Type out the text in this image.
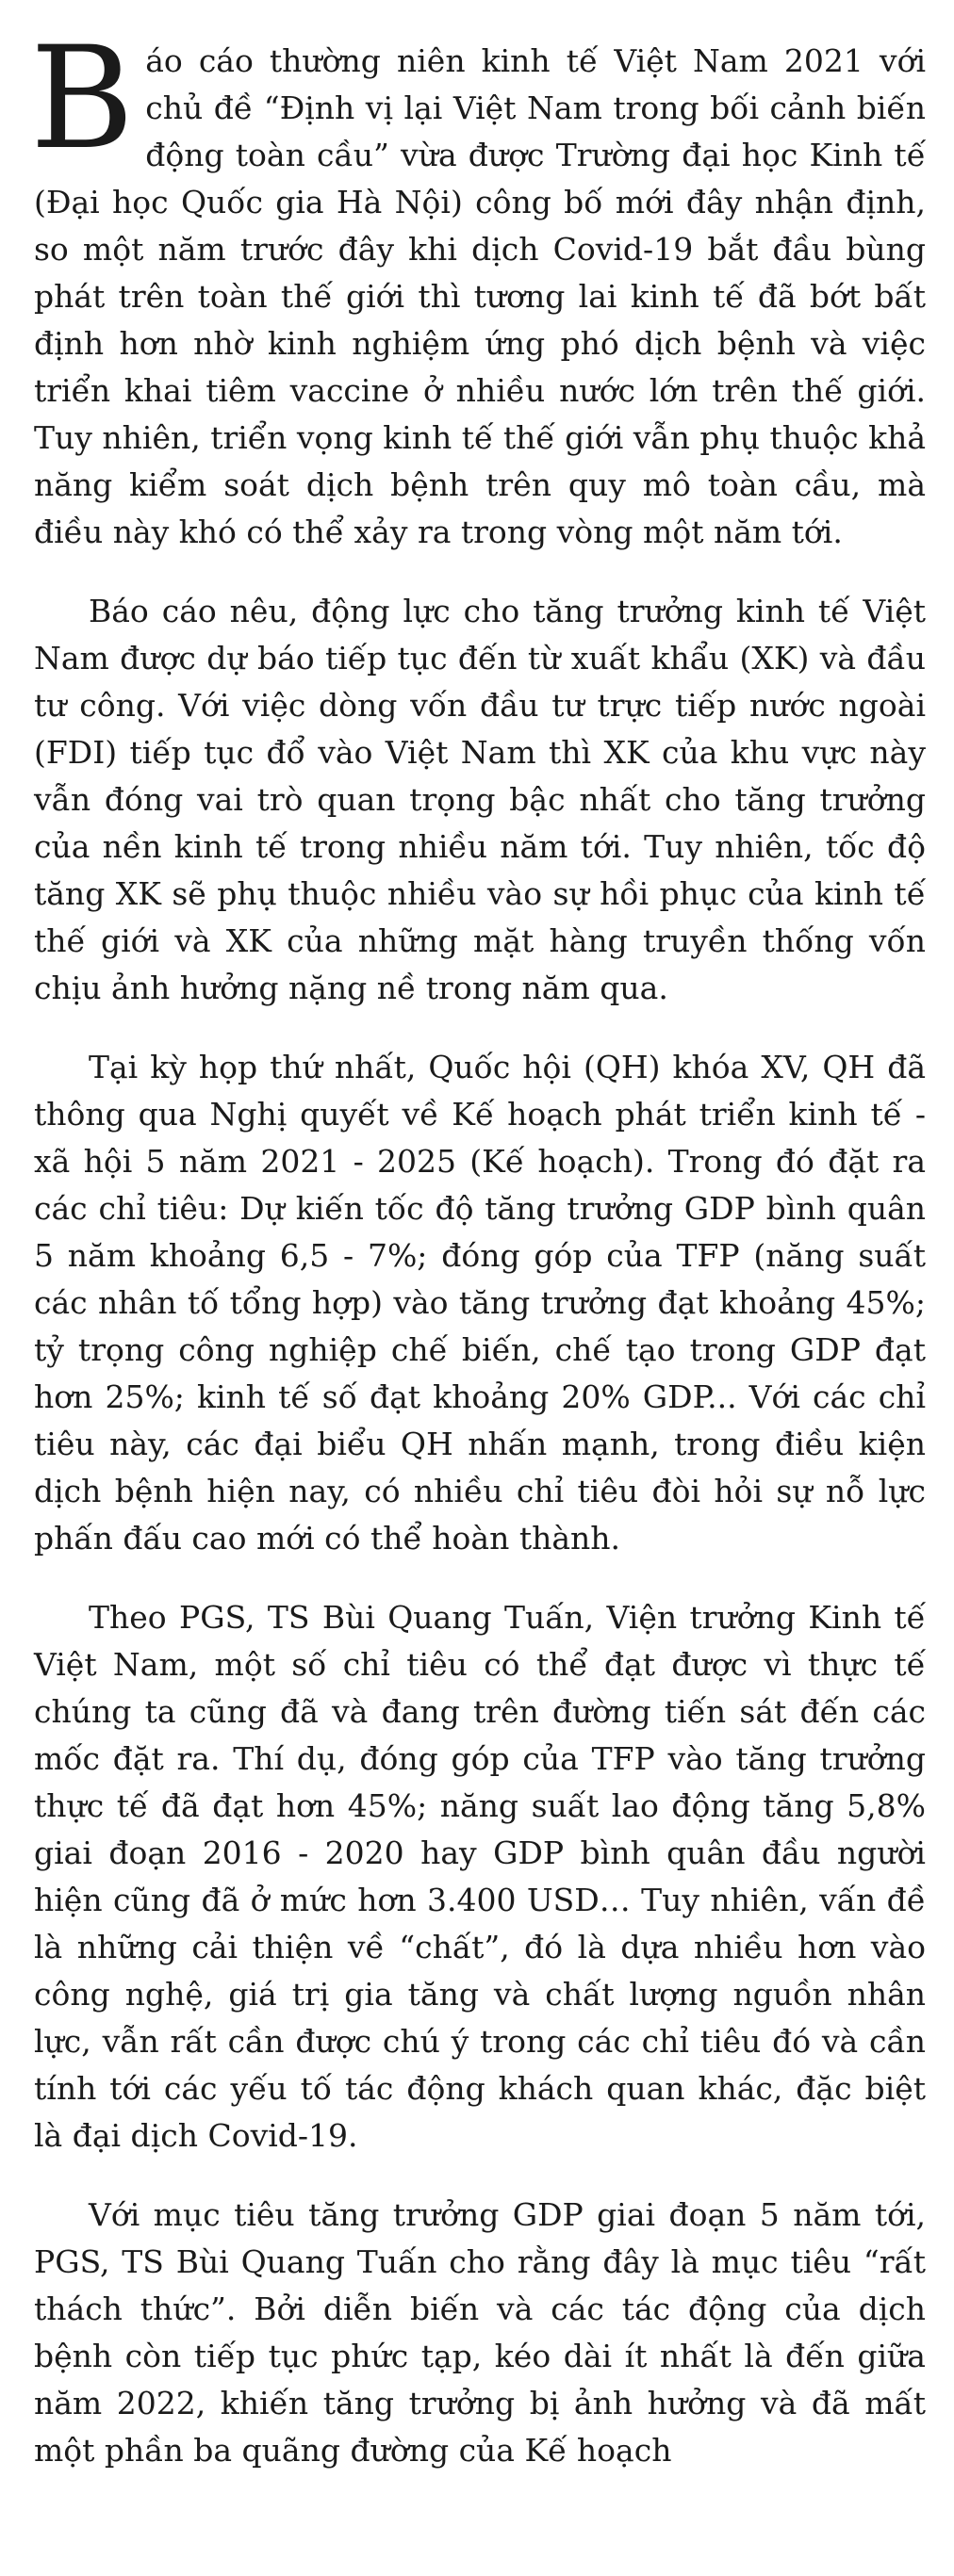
Báo cáo thường niên kinh tế Việt Nam 2021 với chủ đề “Định vị lại Việt Nam trong bối cảnh biến động toàn cầu” vừa được Trường đại học Kinh tế (Đại học Quốc gia Hà Nội) công bố mới đây nhận định, so một năm trước đây khi dịch Covid-19 bắt đầu bùng phát trên toàn thế giới thì tương lai kinh tế đã bớt bất định hơn nhờ kinh nghiệm ứng phó dịch bệnh và việc triển khai tiêm vaccine ở nhiều nước lớn trên thế giới. Tuy nhiên, triển vọng kinh tế thế giới vẫn phụ thuộc khả năng kiểm soát dịch bệnh trên quy mô toàn cầu, mà điều này khó có thể xảy ra trong vòng một năm tới.

Báo cáo nêu, động lực cho tăng trưởng kinh tế Việt Nam được dự báo tiếp tục đến từ xuất khẩu (XK) và đầu tư công. Với việc dòng vốn đầu tư trực tiếp nước ngoài (FDI) tiếp tục đổ vào Việt Nam thì XK của khu vực này vẫn đóng vai trò quan trọng bậc nhất cho tăng trưởng của nền kinh tế trong nhiều năm tới. Tuy nhiên, tốc độ tăng XK sẽ phụ thuộc nhiều vào sự hồi phục của kinh tế thế giới và XK của những mặt hàng truyền thống vốn chịu ảnh hưởng nặng nề trong năm qua.

Tại kỳ họp thứ nhất, Quốc hội (QH) khóa XV, QH đã thông qua Nghị quyết về Kế hoạch phát triển kinh tế - xã hội 5 năm 2021 - 2025 (Kế hoạch). Trong đó đặt ra các chỉ tiêu: Dự kiến tốc độ tăng trưởng GDP bình quân 5 năm khoảng 6,5 - 7%; đóng góp của TFP (năng suất các nhân tố tổng hợp) vào tăng trưởng đạt khoảng 45%; tỷ trọng công nghiệp chế biến, chế tạo trong GDP đạt hơn 25%; kinh tế số đạt khoảng 20% GDP... Với các chỉ tiêu này, các đại biểu QH nhấn mạnh, trong điều kiện dịch bệnh hiện nay, có nhiều chỉ tiêu đòi hỏi sự nỗ lực phấn đấu cao mới có thể hoàn thành.

Theo PGS, TS Bùi Quang Tuấn, Viện trưởng Kinh tế Việt Nam, một số chỉ tiêu có thể đạt được vì thực tế chúng ta cũng đã và đang trên đường tiến sát đến các mốc đặt ra. Thí dụ, đóng góp của TFP vào tăng trưởng thực tế đã đạt hơn 45%; năng suất lao động tăng 5,8% giai đoạn 2016 - 2020 hay GDP bình quân đầu người hiện cũng đã ở mức hơn 3.400 USD… Tuy nhiên, vấn đề là những cải thiện về “chất”, đó là dựa nhiều hơn vào công nghệ, giá trị gia tăng và chất lượng nguồn nhân lực, vẫn rất cần được chú ý trong các chỉ tiêu đó và cần tính tới các yếu tố tác động khách quan khác, đặc biệt là đại dịch Covid-19.

Với mục tiêu tăng trưởng GDP giai đoạn 5 năm tới, PGS, TS Bùi Quang Tuấn cho rằng đây là mục tiêu “rất thách thức”. Bởi diễn biến và các tác động của dịch bệnh còn tiếp tục phức tạp, kéo dài ít nhất là đến giữa năm 2022, khiến tăng trưởng bị ảnh hưởng và đã mất một phần ba quãng đường của Kế hoạch
